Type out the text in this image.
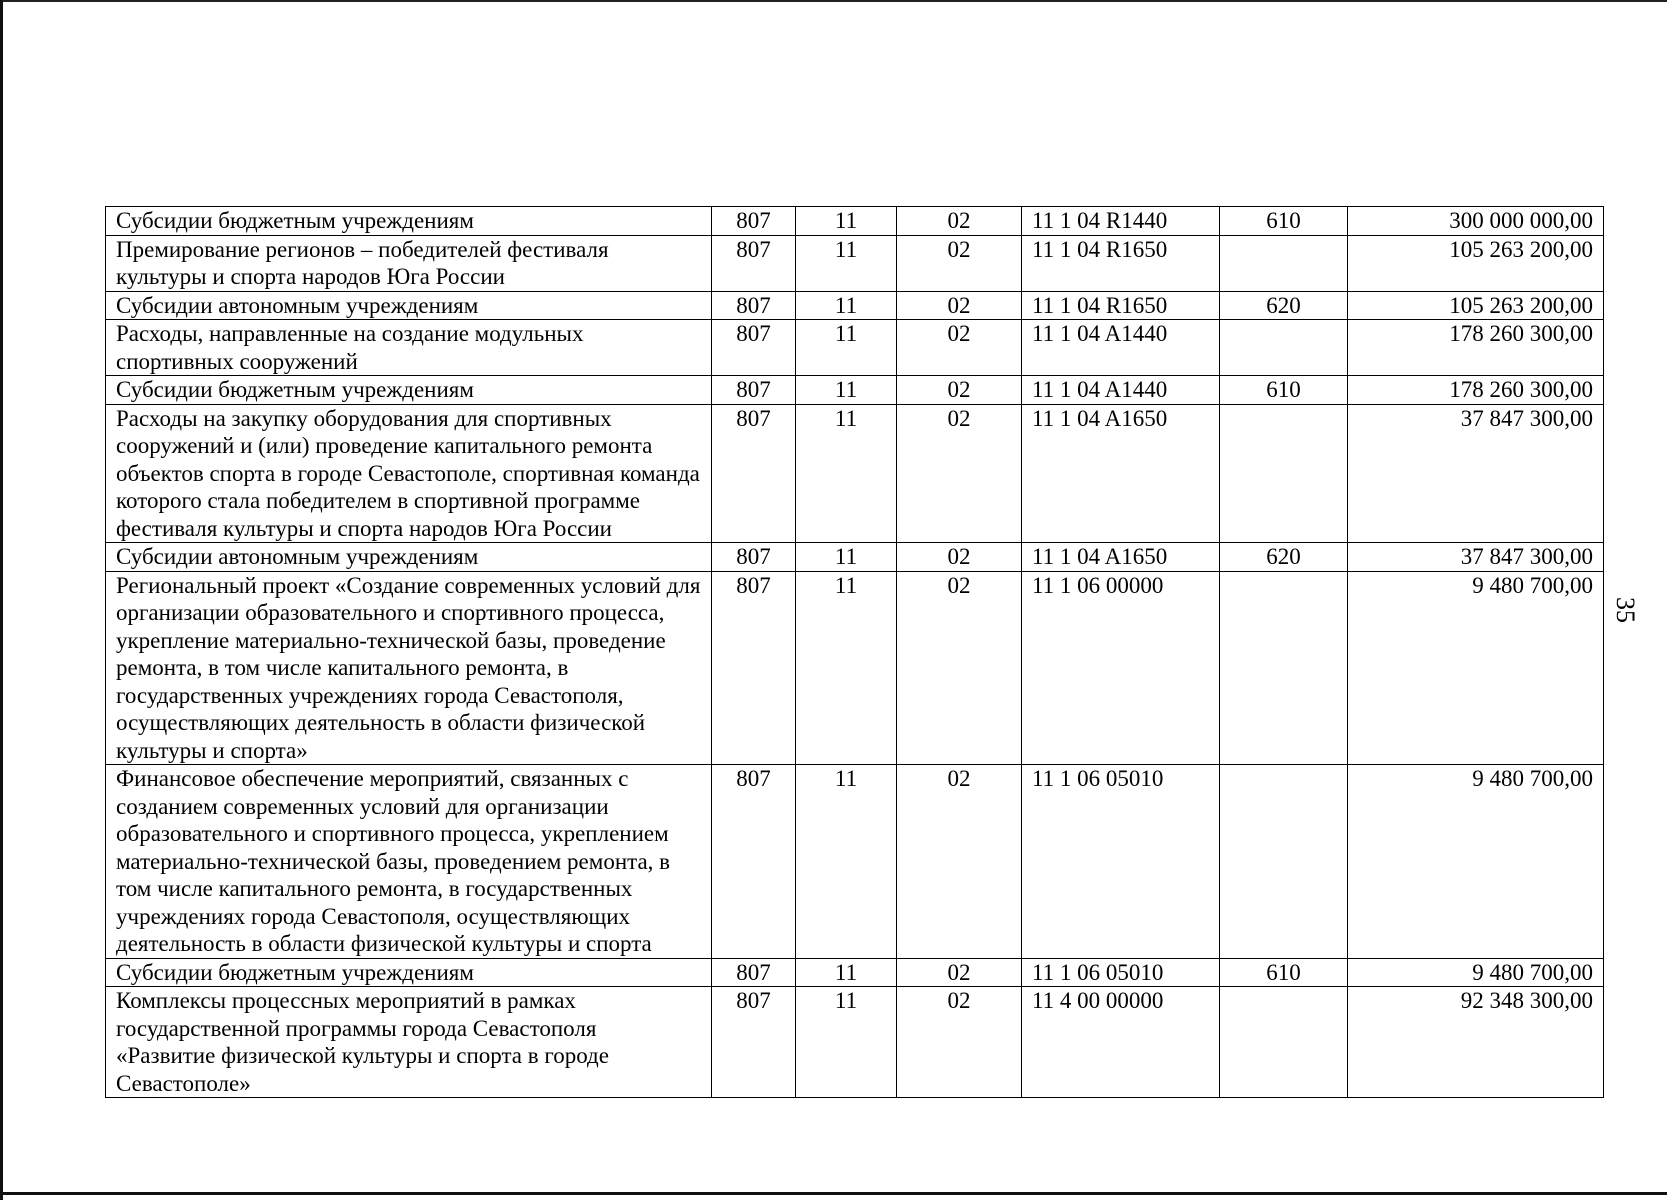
Субсидии бюджетным учреждениям	807	11	02	11 1 04 R1440	610	300 000 000,00
Премирование регионов – победителей фестиваля культуры и спорта народов Юга России	807	11	02	11 1 04 R1650		105 263 200,00
Субсидии автономным учреждениям	807	11	02	11 1 04 R1650	620	105 263 200,00
Расходы, направленные на создание модульных спортивных сооружений	807	11	02	11 1 04 A1440		178 260 300,00
Субсидии бюджетным учреждениям	807	11	02	11 1 04 A1440	610	178 260 300,00
Расходы на закупку оборудования для спортивных сооружений и (или) проведение капитального ремонта объектов спорта в городе Севастополе, спортивная команда которого стала победителем в спортивной программе фестиваля культуры и спорта народов Юга России	807	11	02	11 1 04 A1650		37 847 300,00
Субсидии автономным учреждениям	807	11	02	11 1 04 A1650	620	37 847 300,00
Региональный проект «Создание современных условий для организации образовательного и спортивного процесса, укрепление материально-технической базы, проведение ремонта, в том числе капитального ремонта, в государственных учреждениях города Севастополя, осуществляющих деятельность в области физической культуры и спорта»	807	11	02	11 1 06 00000		9 480 700,00
Финансовое обеспечение мероприятий, связанных с созданием современных условий для организации образовательного и спортивного процесса, укреплением материально-технической базы, проведением ремонта, в том числе капитального ремонта, в государственных учреждениях города Севастополя, осуществляющих деятельность в области физической культуры и спорта	807	11	02	11 1 06 05010		9 480 700,00
Субсидии бюджетным учреждениям	807	11	02	11 1 06 05010	610	9 480 700,00
Комплексы процессных мероприятий в рамках государственной программы города Севастополя «Развитие физической культуры и спорта в городе Севастополе»	807	11	02	11 4 00 00000		92 348 300,00
35
